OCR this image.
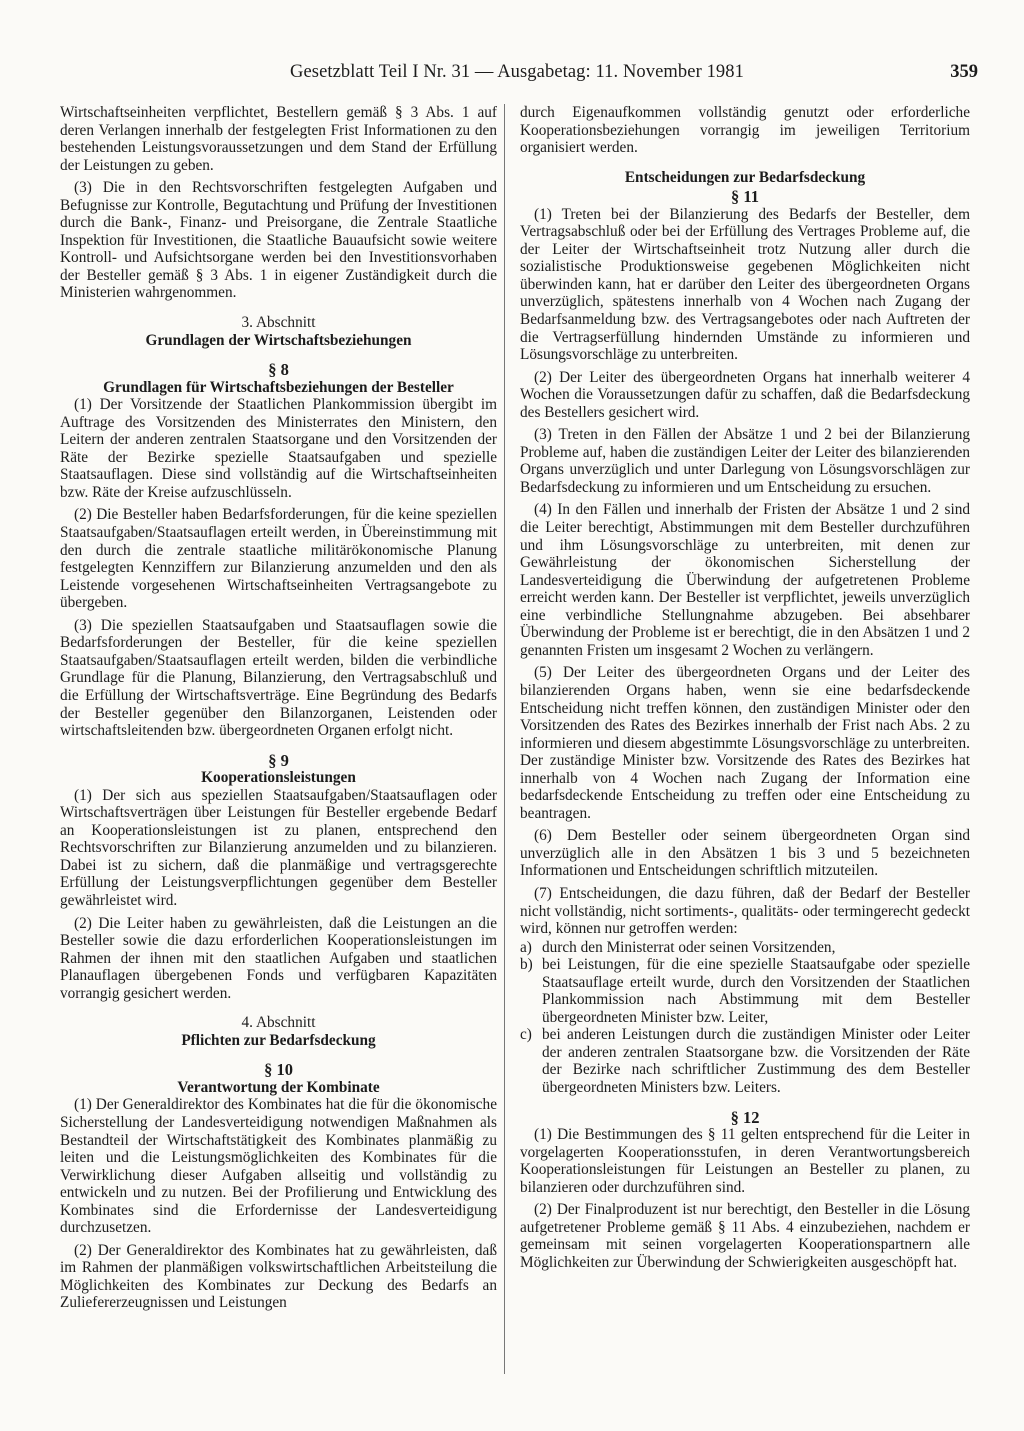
Gesetzblatt Teil I Nr. 31 — Ausgabetag: 11. November 1981	359

Wirtschaftseinheiten verpflichtet, Bestellern gemäß § 3 Abs. 1 auf deren Verlangen innerhalb der festgelegten Frist Informationen zu den bestehenden Leistungsvoraussetzungen und dem Stand der Erfüllung der Leistungen zu geben.

(3) Die in den Rechtsvorschriften festgelegten Aufgaben und Befugnisse zur Kontrolle, Begutachtung und Prüfung der Investitionen durch die Bank-, Finanz- und Preisorgane, die Zentrale Staatliche Inspektion für Investitionen, die Staatliche Bauaufsicht sowie weitere Kontroll- und Aufsichtsorgane werden bei den Investitionsvorhaben der Besteller gemäß § 3 Abs. 1 in eigener Zuständigkeit durch die Ministerien wahrgenommen.

3. Abschnitt
Grundlagen der Wirtschaftsbeziehungen
§ 8
Grundlagen für Wirtschaftsbeziehungen der Besteller

(1) Der Vorsitzende der Staatlichen Plankommission übergibt im Auftrage des Vorsitzenden des Ministerrates den Ministern, den Leitern der anderen zentralen Staatsorgane und den Vorsitzenden der Räte der Bezirke spezielle Staatsaufgaben und spezielle Staatsauflagen. Diese sind vollständig auf die Wirtschaftseinheiten bzw. Räte der Kreise aufzuschlüsseln.

(2) Die Besteller haben Bedarfsforderungen, für die keine speziellen Staatsaufgaben/Staatsauflagen erteilt werden, in Übereinstimmung mit den durch die zentrale staatliche militärökonomische Planung festgelegten Kennziffern zur Bilanzierung anzumelden und den als Leistende vorgesehenen Wirtschaftseinheiten Vertragsangebote zu übergeben.

(3) Die speziellen Staatsaufgaben und Staatsauflagen sowie die Bedarfsforderungen der Besteller, für die keine speziellen Staatsaufgaben/Staatsauflagen erteilt werden, bilden die verbindliche Grundlage für die Planung, Bilanzierung, den Vertragsabschluß und die Erfüllung der Wirtschaftsverträge. Eine Begründung des Bedarfs der Besteller gegenüber den Bilanzorganen, Leistenden oder wirtschaftsleitenden bzw. übergeordneten Organen erfolgt nicht.

§ 9
Kooperationsleistungen

(1) Der sich aus speziellen Staatsaufgaben/Staatsauflagen oder Wirtschaftsverträgen über Leistungen für Besteller ergebende Bedarf an Kooperationsleistungen ist zu planen, entsprechend den Rechtsvorschriften zur Bilanzierung anzumelden und zu bilanzieren. Dabei ist zu sichern, daß die planmäßige und vertragsgerechte Erfüllung der Leistungsverpflichtungen gegenüber dem Besteller gewährleistet wird.

(2) Die Leiter haben zu gewährleisten, daß die Leistungen an die Besteller sowie die dazu erforderlichen Kooperationsleistungen im Rahmen der ihnen mit den staatlichen Aufgaben und staatlichen Planauflagen übergebenen Fonds und verfügbaren Kapazitäten vorrangig gesichert werden.

4. Abschnitt
Pflichten zur Bedarfsdeckung
§ 10
Verantwortung der Kombinate

(1) Der Generaldirektor des Kombinates hat die für die ökonomische Sicherstellung der Landesverteidigung notwendigen Maßnahmen als Bestandteil der Wirtschaftstätigkeit des Kombinates planmäßig zu leiten und die Leistungsmöglichkeiten des Kombinates für die Verwirklichung dieser Aufgaben allseitig und vollständig zu entwickeln und zu nutzen. Bei der Profilierung und Entwicklung des Kombinates sind die Erfordernisse der Landesverteidigung durchzusetzen.

(2) Der Generaldirektor des Kombinates hat zu gewährleisten, daß im Rahmen der planmäßigen volkswirtschaftlichen Arbeitsteilung die Möglichkeiten des Kombinates zur Deckung des Bedarfs an Zuliefererzeugnissen und Leistungen

durch Eigenaufkommen vollständig genutzt oder erforderliche Kooperationsbeziehungen vorrangig im jeweiligen Territorium organisiert werden.

Entscheidungen zur Bedarfsdeckung
§ 11

(1) Treten bei der Bilanzierung des Bedarfs der Besteller, dem Vertragsabschluß oder bei der Erfüllung des Vertrages Probleme auf, die der Leiter der Wirtschaftseinheit trotz Nutzung aller durch die sozialistische Produktionsweise gegebenen Möglichkeiten nicht überwinden kann, hat er darüber den Leiter des übergeordneten Organs unverzüglich, spätestens innerhalb von 4 Wochen nach Zugang der Bedarfsanmeldung bzw. des Vertragsangebotes oder nach Auftreten der die Vertragserfüllung hindernden Umstände zu informieren und Lösungsvorschläge zu unterbreiten.

(2) Der Leiter des übergeordneten Organs hat innerhalb weiterer 4 Wochen die Voraussetzungen dafür zu schaffen, daß die Bedarfsdeckung des Bestellers gesichert wird.

(3) Treten in den Fällen der Absätze 1 und 2 bei der Bilanzierung Probleme auf, haben die zuständigen Leiter der Leiter des bilanzierenden Organs unverzüglich und unter Darlegung von Lösungsvorschlägen zur Bedarfsdeckung zu informieren und um Entscheidung zu ersuchen.

(4) In den Fällen und innerhalb der Fristen der Absätze 1 und 2 sind die Leiter berechtigt, Abstimmungen mit dem Besteller durchzuführen und ihm Lösungsvorschläge zu unterbreiten, mit denen zur Gewährleistung der ökonomischen Sicherstellung der Landesverteidigung die Überwindung der aufgetretenen Probleme erreicht werden kann. Der Besteller ist verpflichtet, jeweils unverzüglich eine verbindliche Stellungnahme abzugeben. Bei absehbarer Überwindung der Probleme ist er berechtigt, die in den Absätzen 1 und 2 genannten Fristen um insgesamt 2 Wochen zu verlängern.

(5) Der Leiter des übergeordneten Organs und der Leiter des bilanzierenden Organs haben, wenn sie eine bedarfsdeckende Entscheidung nicht treffen können, den zuständigen Minister oder den Vorsitzenden des Rates des Bezirkes innerhalb der Frist nach Abs. 2 zu informieren und diesem abgestimmte Lösungsvorschläge zu unterbreiten. Der zuständige Minister bzw. Vorsitzende des Rates des Bezirkes hat innerhalb von 4 Wochen nach Zugang der Information eine bedarfsdeckende Entscheidung zu treffen oder eine Entscheidung zu beantragen.

(6) Dem Besteller oder seinem übergeordneten Organ sind unverzüglich alle in den Absätzen 1 bis 3 und 5 bezeichneten Informationen und Entscheidungen schriftlich mitzuteilen.

(7) Entscheidungen, die dazu führen, daß der Bedarf der Besteller nicht vollständig, nicht sortiments-, qualitäts- oder termingerecht gedeckt wird, können nur getroffen werden:

a) durch den Ministerrat oder seinen Vorsitzenden,
b) bei Leistungen, für die eine spezielle Staatsaufgabe oder spezielle Staatsauflage erteilt wurde, durch den Vorsitzenden der Staatlichen Plankommission nach Abstimmung mit dem Besteller übergeordneten Minister bzw. Leiter,
c) bei anderen Leistungen durch die zuständigen Minister oder Leiter der anderen zentralen Staatsorgane bzw. die Vorsitzenden der Räte der Bezirke nach schriftlicher Zustimmung des dem Besteller übergeordneten Ministers bzw. Leiters.
§ 12

(1) Die Bestimmungen des § 11 gelten entsprechend für die Leiter in vorgelagerten Kooperationsstufen, in deren Verantwortungsbereich Kooperationsleistungen für Leistungen an Besteller zu planen, zu bilanzieren oder durchzuführen sind.

(2) Der Finalproduzent ist nur berechtigt, den Besteller in die Lösung aufgetretener Probleme gemäß § 11 Abs. 4 einzubeziehen, nachdem er gemeinsam mit seinen vorgelagerten Kooperationspartnern alle Möglichkeiten zur Überwindung der Schwierigkeiten ausgeschöpft hat.
